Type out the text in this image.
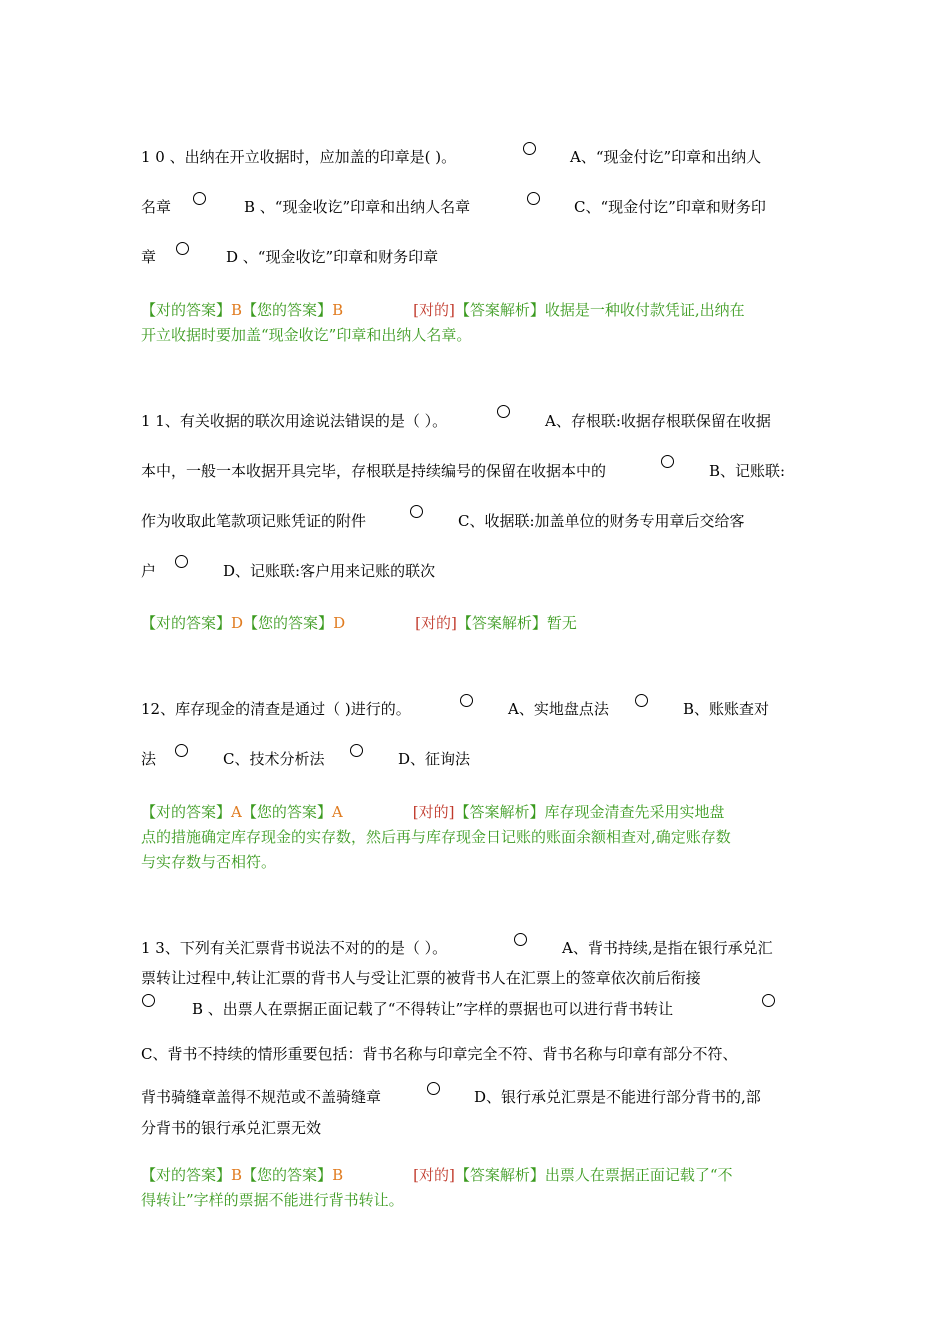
1 0 、出纳在开立收据时，应加盖的印章是( )。	A、“现金付讫”印章和出纳人
名章	B 、“现金收讫”印章和出纳人名章	C、“现金付讫”印章和财务印
章	D 、“现金收讫”印章和财务印章
【对的答案】B【您的答案】B	[对的]【答案解析】收据是一种收付款凭证,出纳在
开立收据时要加盖“现金收讫”印章和出纳人名章。
1 1、有关收据的联次用途说法错误的是（ ）。	A、存根联:收据存根联保留在收据
本中，一般一本收据开具完毕，存根联是持续编号的保留在收据本中的	B、记账联:
作为收取此笔款项记账凭证的附件	C、收据联:加盖单位的财务专用章后交给客
户	D、记账联:客户用来记账的联次
【对的答案】D【您的答案】D	[对的]【答案解析】暂无
12、库存现金的清查是通过（ )进行的。	A、实地盘点法	B、账账查对
法	C、技术分析法	D、征询法
【对的答案】A【您的答案】A	[对的]【答案解析】库存现金清查先采用实地盘
点的措施确定库存现金的实存数，然后再与库存现金日记账的账面余额相查对,确定账存数
与实存数与否相符。
1 3、下列有关汇票背书说法不对的的是（ ）。	A、背书持续,是指在银行承兑汇
票转让过程中,转让汇票的背书人与受让汇票的被背书人在汇票上的签章依次前后衔接
B 、出票人在票据正面记载了“不得转让”字样的票据也可以进行背书转让
C、背书不持续的情形重要包括：背书名称与印章完全不符、背书名称与印章有部分不符、
背书骑缝章盖得不规范或不盖骑缝章	D、银行承兑汇票是不能进行部分背书的,部
分背书的银行承兑汇票无效
【对的答案】B【您的答案】B	[对的]【答案解析】出票人在票据正面记载了“不
得转让”字样的票据不能进行背书转让。
